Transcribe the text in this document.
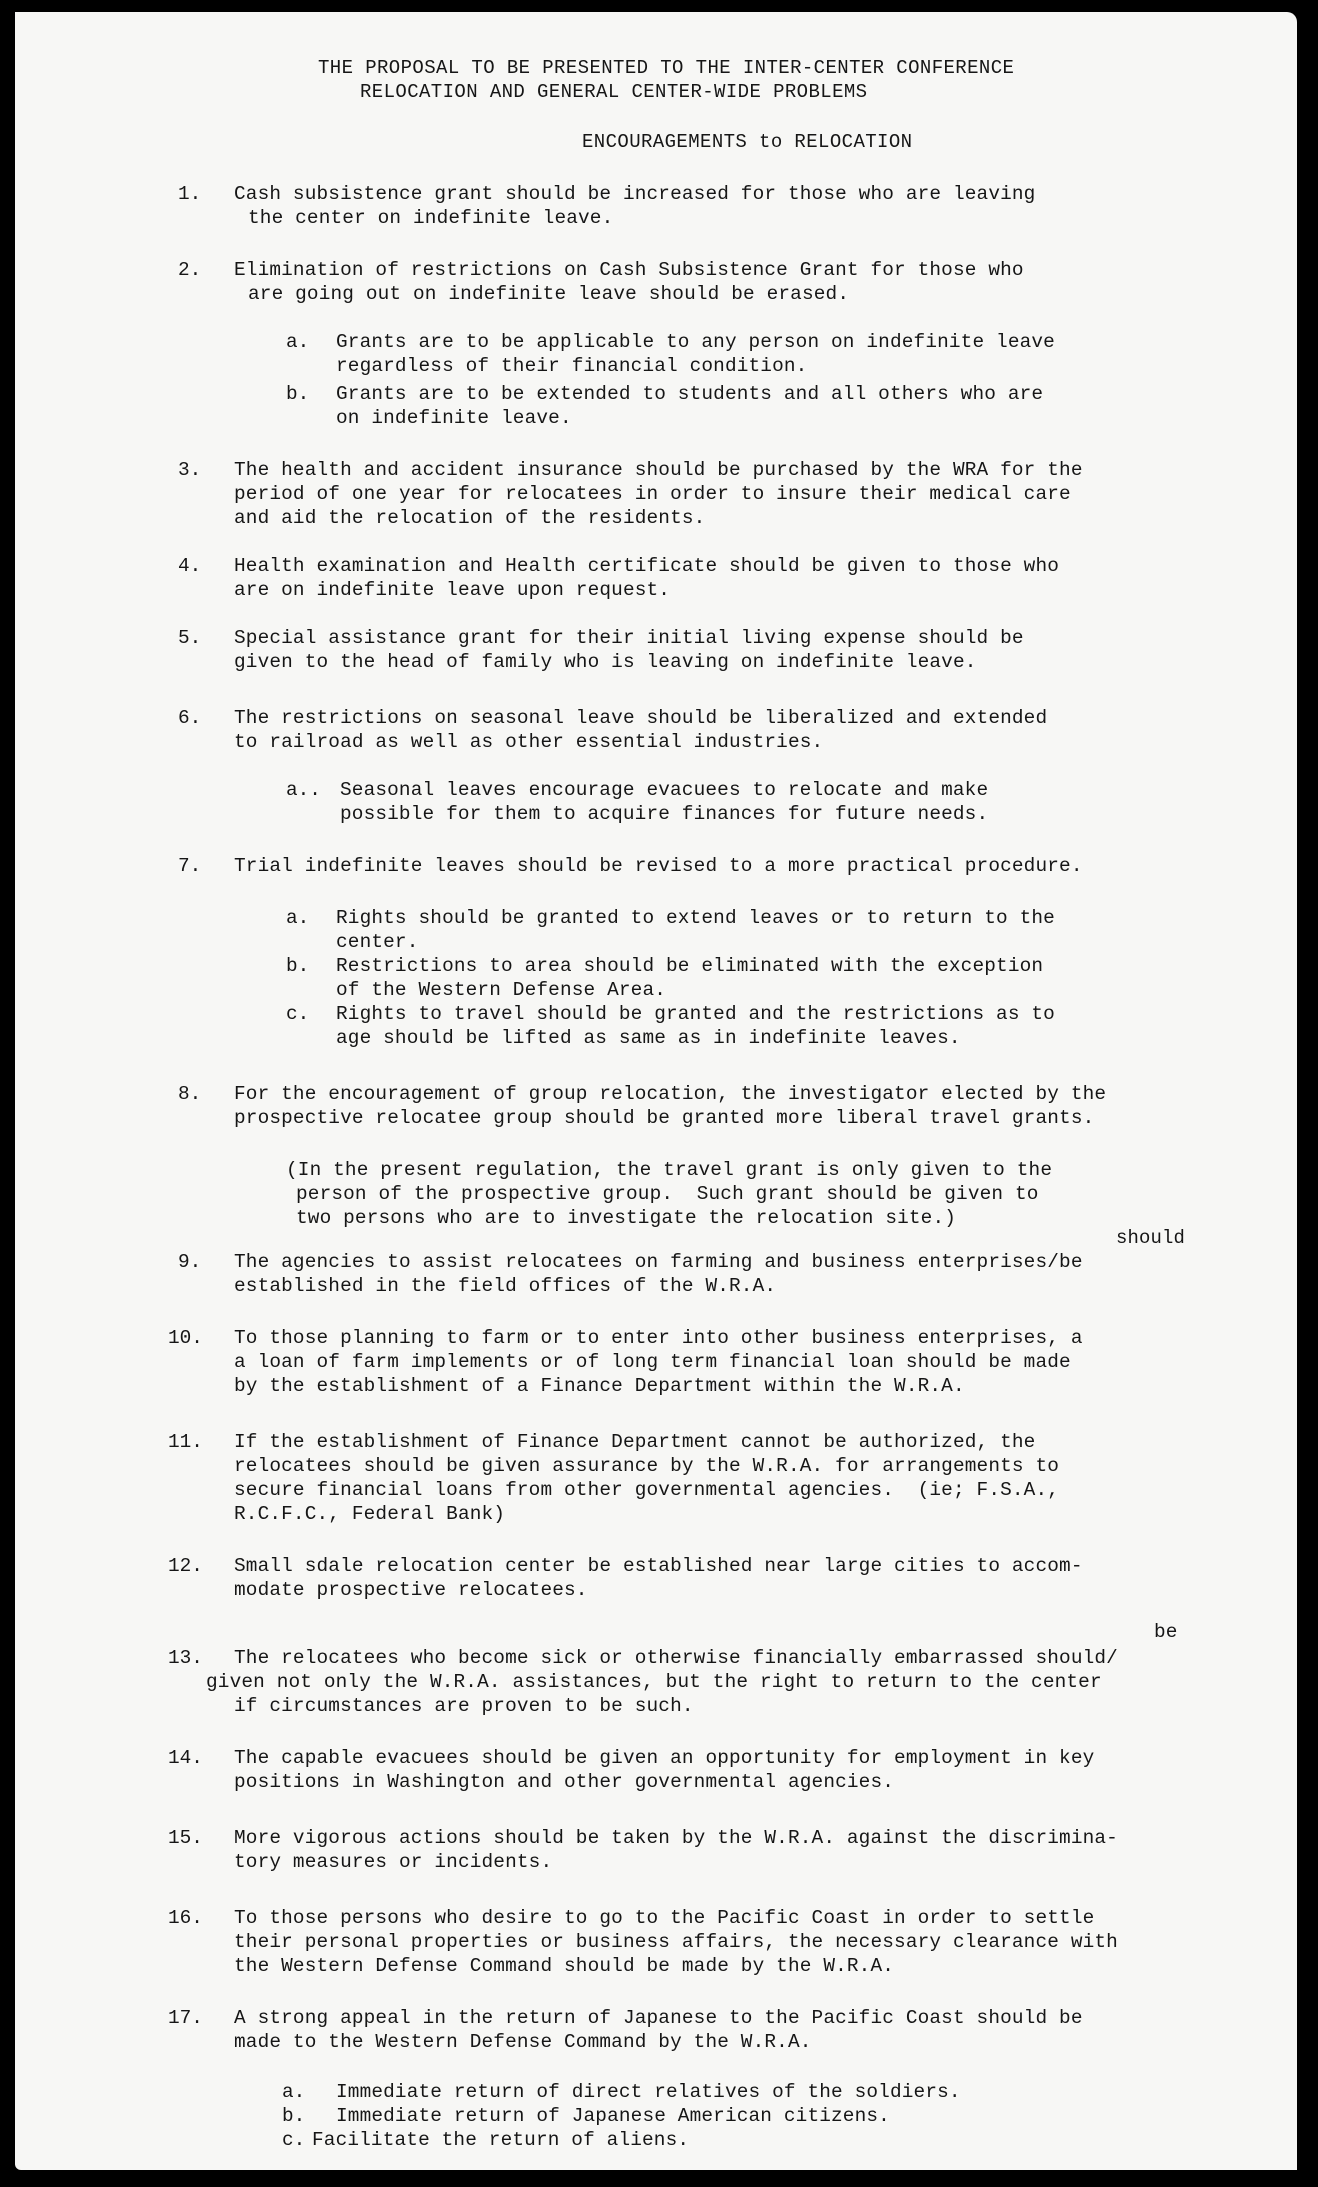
THE PROPOSAL TO BE PRESENTED TO THE INTER-CENTER CONFERENCE
RELOCATION AND GENERAL CENTER-WIDE PROBLEMS
ENCOURAGEMENTS to RELOCATION
1. Cash subsistence grant should be increased for those who are leaving
the center on indefinite leave.
2. Elimination of restrictions on Cash Subsistence Grant for those who
are going out on indefinite leave should be erased.
a. Grants are to be applicable to any person on indefinite leave
regardless of their financial condition.
b. Grants are to be extended to students and all others who are
on indefinite leave.
3. The health and accident insurance should be purchased by the WRA for the
period of one year for relocatees in order to insure their medical care
and aid the relocation of the residents.
4. Health examination and Health certificate should be given to those who
are on indefinite leave upon request.
5. Special assistance grant for their initial living expense should be
given to the head of family who is leaving on indefinite leave.
6. The restrictions on seasonal leave should be liberalized and extended
to railroad as well as other essential industries.
a.. Seasonal leaves encourage evacuees to relocate and make
possible for them to acquire finances for future needs.
7. Trial indefinite leaves should be revised to a more practical procedure.
a. Rights should be granted to extend leaves or to return to the
center.
b. Restrictions to area should be eliminated with the exception
of the Western Defense Area.
c. Rights to travel should be granted and the restrictions as to
age should be lifted as same as in indefinite leaves.
8. For the encouragement of group relocation, the investigator elected by the
prospective relocatee group should be granted more liberal travel grants.
(In the present regulation, the travel grant is only given to the
person of the prospective group.  Such grant should be given to
two persons who are to investigate the relocation site.)
should
9. The agencies to assist relocatees on farming and business enterprises/be
established in the field offices of the W.R.A.
10. To those planning to farm or to enter into other business enterprises, a
a loan of farm implements or of long term financial loan should be made
by the establishment of a Finance Department within the W.R.A.
11. If the establishment of Finance Department cannot be authorized, the
relocatees should be given assurance by the W.R.A. for arrangements to
secure financial loans from other governmental agencies.  (ie; F.S.A.,
R.C.F.C., Federal Bank)
12. Small sdale relocation center be established near large cities to accom-
modate prospective relocatees.
be
13. The relocatees who become sick or otherwise financially embarrassed should/
given not only the W.R.A. assistances, but the right to return to the center
if circumstances are proven to be such.
14. The capable evacuees should be given an opportunity for employment in key
positions in Washington and other governmental agencies.
15. More vigorous actions should be taken by the W.R.A. against the discrimina-
tory measures or incidents.
16. To those persons who desire to go to the Pacific Coast in order to settle
their personal properties or business affairs, the necessary clearance with
the Western Defense Command should be made by the W.R.A.
17. A strong appeal in the return of Japanese to the Pacific Coast should be
made to the Western Defense Command by the W.R.A.
a. Immediate return of direct relatives of the soldiers.
b. Immediate return of Japanese American citizens.
c. Facilitate the return of aliens.
